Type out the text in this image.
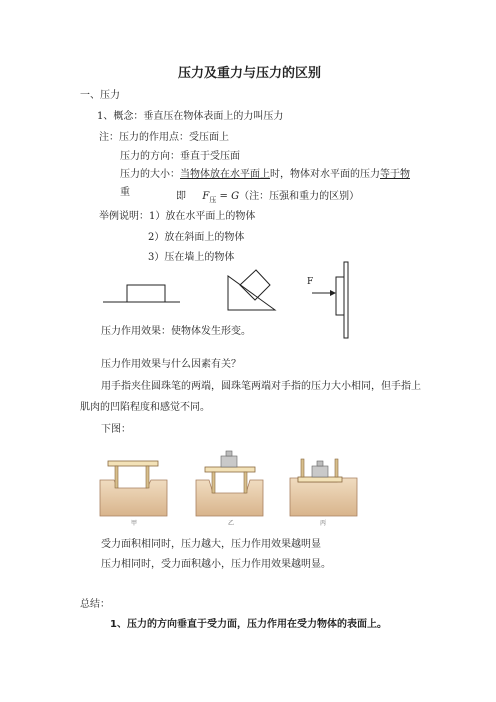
压力及重力与压力的区别
一、压力
1、概念：垂直压在物体表面上的力叫压力
注：压力的作用点：受压面上
压力的方向：垂直于受压面
压力的大小：当物体放在水平面上时，物体对水平面的压力等于物
重	即 $F_压 = G$（注：压强和重力的区别）
举例说明：1）放在水平面上的物体
2）放在斜面上的物体
3）压在墙上的物体
F
压力作用效果：使物体发生形变。
压力作用效果与什么因素有关？
用手指夹住圆珠笔的两端，圆珠笔两端对手指的压力大小相同，但手指上
肌肉的凹陷程度和感觉不同。
下图：
甲	乙	丙
受力面积相同时，压力越大，压力作用效果越明显
压力相同时，受力面积越小，压力作用效果越明显。
总结：
1、压力的方向垂直于受力面，压力作用在受力物体的表面上。
